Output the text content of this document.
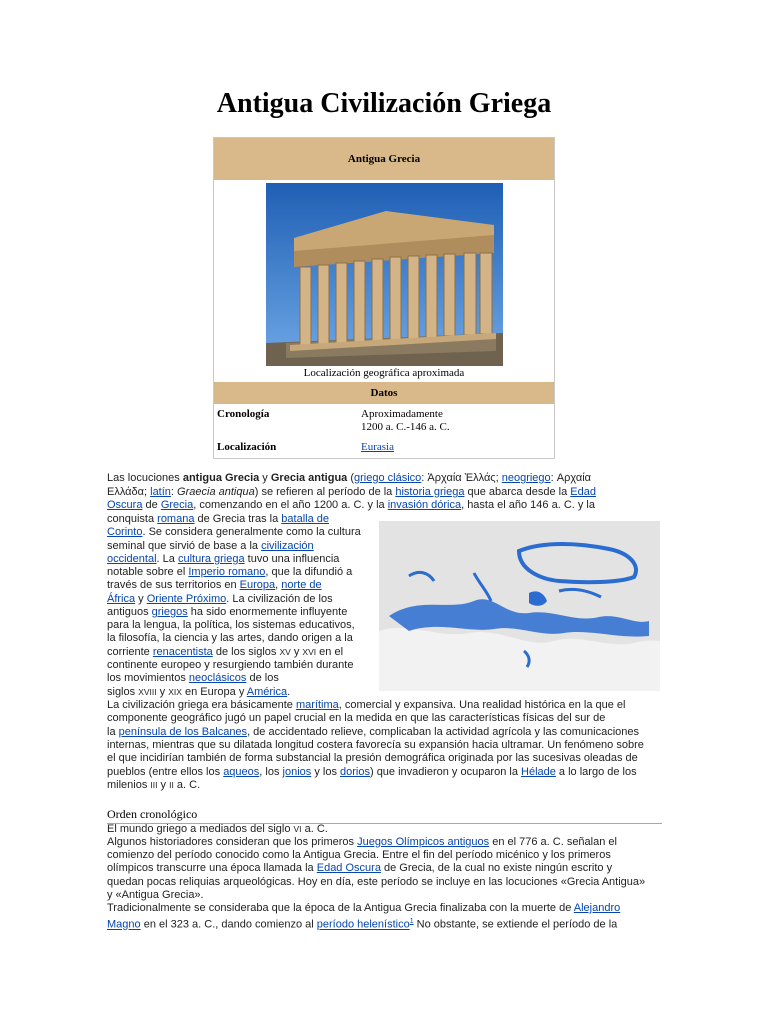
Antigua Civilización Griega
Antigua Grecia
Localización geográfica aproximada
Datos
Cronología	Aproximadamente
1200 a. C.-146 a. C.
Localización	Eurasia
Las locuciones antigua Grecia y Grecia antigua (griego clásico: Ἀρχαία Ἑλλάς; neogriego: Αρχαία
Ελλάδα; latín: Graecia antiqua) se refieren al período de la historia griega que abarca desde la Edad
Oscura de Grecia, comenzando en el año 1200 a. C. y la invasión dórica, hasta el año 146 a. C. y la
conquista romana de Grecia tras la batalla de
Corinto. Se considera generalmente como la cultura
seminal que sirvió de base a la civilización
occidental. La cultura griega tuvo una influencia
notable sobre el Imperio romano, que la difundió a
través de sus territorios en Europa, norte de
África y Oriente Próximo. La civilización de los
antiguos griegos ha sido enormemente influyente
para la lengua, la política, los sistemas educativos,
la filosofía, la ciencia y las artes, dando origen a la
corriente renacentista de los siglos XV y XVI en el
continente europeo y resurgiendo también durante
los movimientos neoclásicos de los
siglos XVIII y XIX en Europa y América.
La civilización griega era básicamente marítima, comercial y expansiva. Una realidad histórica en la que el
componente geográfico jugó un papel crucial en la medida en que las características físicas del sur de
la península de los Balcanes, de accidentado relieve, complicaban la actividad agrícola y las comunicaciones
internas, mientras que su dilatada longitud costera favorecía su expansión hacia ultramar. Un fenómeno sobre
el que incidirían también de forma substancial la presión demográfica originada por las sucesivas oleadas de
pueblos (entre ellos los aqueos, los jonios y los dorios) que invadieron y ocuparon la Hélade a lo largo de los
milenios III y II a. C.
Orden cronológico
El mundo griego a mediados del siglo VI a. C.
Algunos historiadores consideran que los primeros Juegos Olímpicos antiguos en el 776 a. C. señalan el
comienzo del período conocido como la Antigua Grecia. Entre el fin del período micénico y los primeros
olímpicos transcurre una época llamada la Edad Oscura de Grecia, de la cual no existe ningún escrito y
quedan pocas reliquias arqueológicas. Hoy en día, este período se incluye en las locuciones «Grecia Antigua»
y «Antigua Grecia».
Tradicionalmente se consideraba que la época de la Antigua Grecia finalizaba con la muerte de Alejandro
Magno en el 323 a. C., dando comienzo al período helenístico$^1$ No obstante, se extiende el período de la
